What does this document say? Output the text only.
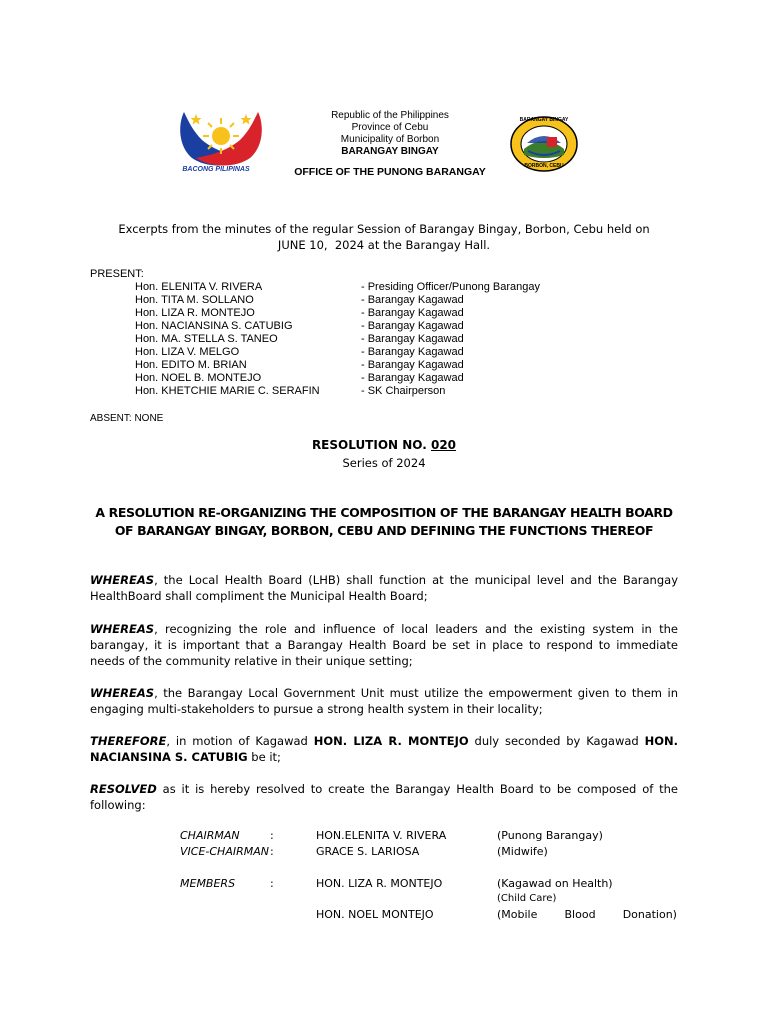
BACONG PILIPINAS
Republic of the Philippines
Province of Cebu
Municipality of Borbon
BARANGAY BINGAY
OFFICE OF THE PUNONG BARANGAY
BARANGAY BINGAY
BORBON, CEBU
Excerpts from the minutes of the regular Session of Barangay Bingay, Borbon, Cebu held on
JUNE 10,  2024 at the Barangay Hall.
PRESENT:
Hon. ELENITA V. RIVERA	- Presiding Officer/Punong Barangay
Hon. TITA M. SOLLANO	- Barangay Kagawad
Hon. LIZA R. MONTEJO	- Barangay Kagawad
Hon. NACIANSINA S. CATUBIG	- Barangay Kagawad
Hon. MA. STELLA S. TANEO	- Barangay Kagawad
Hon. LIZA V. MELGO	- Barangay Kagawad
Hon. EDITO M. BRIAN	- Barangay Kagawad
Hon. NOEL B. MONTEJO	- Barangay Kagawad
Hon. KHETCHIE MARIE C. SERAFIN	- SK Chairperson
ABSENT: NONE
RESOLUTION NO. 020
Series of 2024
A RESOLUTION RE-ORGANIZING THE COMPOSITION OF THE BARANGAY HEALTH BOARD
OF BARANGAY BINGAY, BORBON, CEBU AND DEFINING THE FUNCTIONS THEREOF
WHEREAS, the Local Health Board (LHB) shall function at the municipal level and the Barangay HealthBoard shall compliment the Municipal Health Board;
WHEREAS, recognizing the role and influence of local leaders and the existing system in the barangay, it is important that a Barangay Health Board be set in place to respond to immediate needs of the community relative in their unique setting;
WHEREAS, the Barangay Local Government Unit must utilize the empowerment given to them in engaging multi-stakeholders to pursue a strong health system in their locality;
THEREFORE, in motion of Kagawad HON. LIZA R. MONTEJO duly seconded by Kagawad HON. NACIANSINA S. CATUBIG be it;
RESOLVED as it is hereby resolved to create the Barangay Health Board to be composed of the following:
CHAIRMAN	:	HON.ELENITA V. RIVERA	(Punong Barangay)
VICE-CHAIRMAN :	GRACE S. LARIOSA	(Midwife)
MEMBERS	:	HON. LIZA R. MONTEJO	(Kagawad on Health)
(Child Care)
HON. NOEL MONTEJO	(Mobile Blood Donation)
